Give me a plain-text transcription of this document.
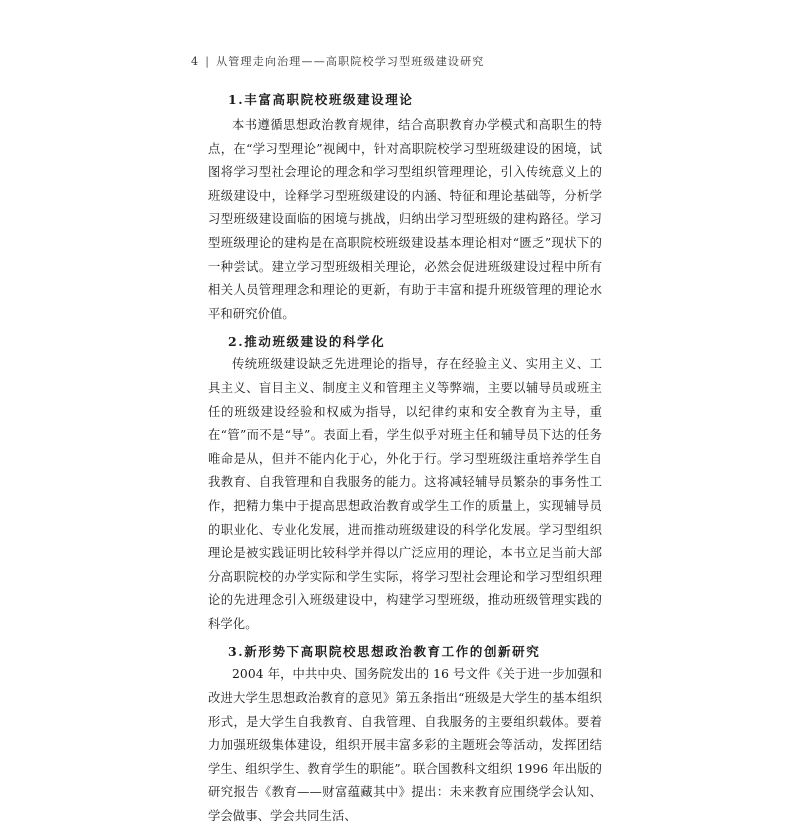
4 | 从管理走向治理——高职院校学习型班级建设研究
1.丰富高职院校班级建设理论

本书遵循思想政治教育规律，结合高职教育办学模式和高职生的特点，在“学习型理论”视阈中，针对高职院校学习型班级建设的困境，试图将学习型社会理论的理念和学习型组织管理理论，引入传统意义上的班级建设中，诠释学习型班级建设的内涵、特征和理论基础等，分析学习型班级建设面临的困境与挑战，归纳出学习型班级的建构路径。学习型班级理论的建构是在高职院校班级建设基本理论相对“匮乏”现状下的一种尝试。建立学习型班级相关理论，必然会促进班级建设过程中所有相关人员管理理念和理论的更新，有助于丰富和提升班级管理的理论水平和研究价值。

2.推动班级建设的科学化

传统班级建设缺乏先进理论的指导，存在经验主义、实用主义、工具主义、盲目主义、制度主义和管理主义等弊端，主要以辅导员或班主任的班级建设经验和权威为指导，以纪律约束和安全教育为主导，重在“管”而不是“导”。表面上看，学生似乎对班主任和辅导员下达的任务唯命是从，但并不能内化于心，外化于行。学习型班级注重培养学生自我教育、自我管理和自我服务的能力。这将减轻辅导员繁杂的事务性工作，把精力集中于提高思想政治教育或学生工作的质量上，实现辅导员的职业化、专业化发展，进而推动班级建设的科学化发展。学习型组织理论是被实践证明比较科学并得以广泛应用的理论，本书立足当前大部分高职院校的办学实际和学生实际，将学习型社会理论和学习型组织理论的先进理念引入班级建设中，构建学习型班级，推动班级管理实践的科学化。

3.新形势下高职院校思想政治教育工作的创新研究

2004 年，中共中央、国务院发出的 16 号文件《关于进一步加强和改进大学生思想政治教育的意见》第五条指出“班级是大学生的基本组织形式，是大学生自我教育、自我管理、自我服务的主要组织载体。要着力加强班级集体建设，组织开展丰富多彩的主题班会等活动，发挥团结学生、组织学生、教育学生的职能”。联合国教科文组织 1996 年出版的研究报告《教育——财富蕴藏其中》提出：未来教育应围绕学会认知、学会做事、学会共同生活、
